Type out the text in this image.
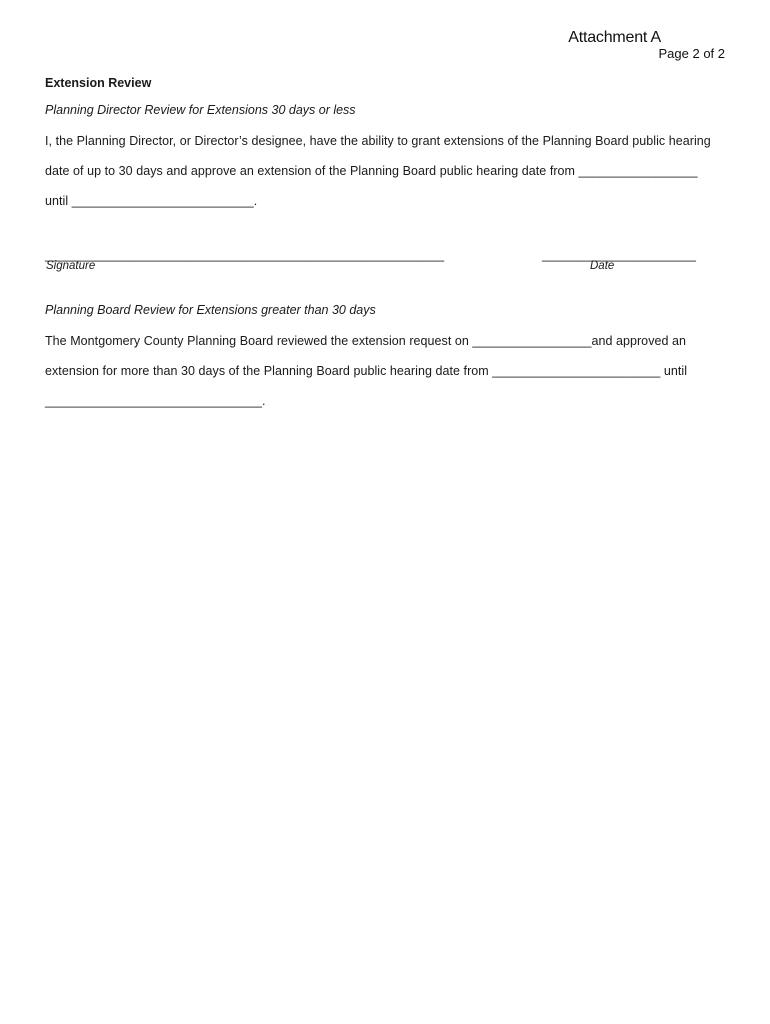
Attachment A
Page 2 of 2
Extension Review
Planning Director Review for Extensions 30 days or less
I, the Planning Director, or Director’s designee, have the ability to grant extensions of the Planning Board public hearing
date of up to 30 days and approve an extension of the Planning Board public hearing date from _________________
until __________________________.
_________________________________________________________
Signature
______________________
Date
Planning Board Review for Extensions greater than 30 days
The Montgomery County Planning Board reviewed the extension request on _________________and approved an
extension for more than 30 days of the Planning Board public hearing date from ________________________ until
_______________________________.
